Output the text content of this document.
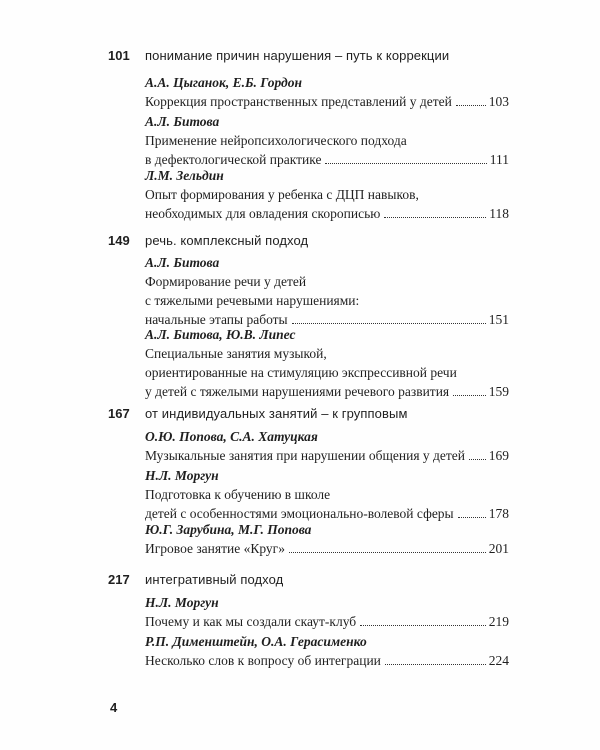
101	понимание причин нарушения – путь к коррекции
А.А. Цыганок, Е.Б. Гордон
Коррекция пространственных представлений у детей	103
А.Л. Битова
Применение нейропсихологического подхода
в дефектологической практике	111
Л.М. Зельдин
Опыт формирования у ребенка с ДЦП навыков,
необходимых для овладения скорописью	118
149	речь. комплексный подход
А.Л. Битова
Формирование речи у детей
с тяжелыми речевыми нарушениями:
начальные этапы работы	151
А.Л. Битова, Ю.В. Липес
Специальные занятия музыкой,
ориентированные на стимуляцию экспрессивной речи
у детей с тяжелыми нарушениями речевого развития	159
167	от индивидуальных занятий – к групповым
О.Ю. Попова, С.А. Хатуцкая
Музыкальные занятия при нарушении общения у детей 169
Н.Л. Моргун
Подготовка к обучению в школе
детей с особенностями эмоционально-волевой сферы	178
Ю.Г. Зарубина, М.Г. Попова
Игровое занятие «Круг»	201
217	интегративный подход
Н.Л. Моргун
Почему и как мы создали скаут-клуб	219
Р.П. Дименштейн, О.А. Герасименко
Несколько слов к вопросу об интеграции	224
4
